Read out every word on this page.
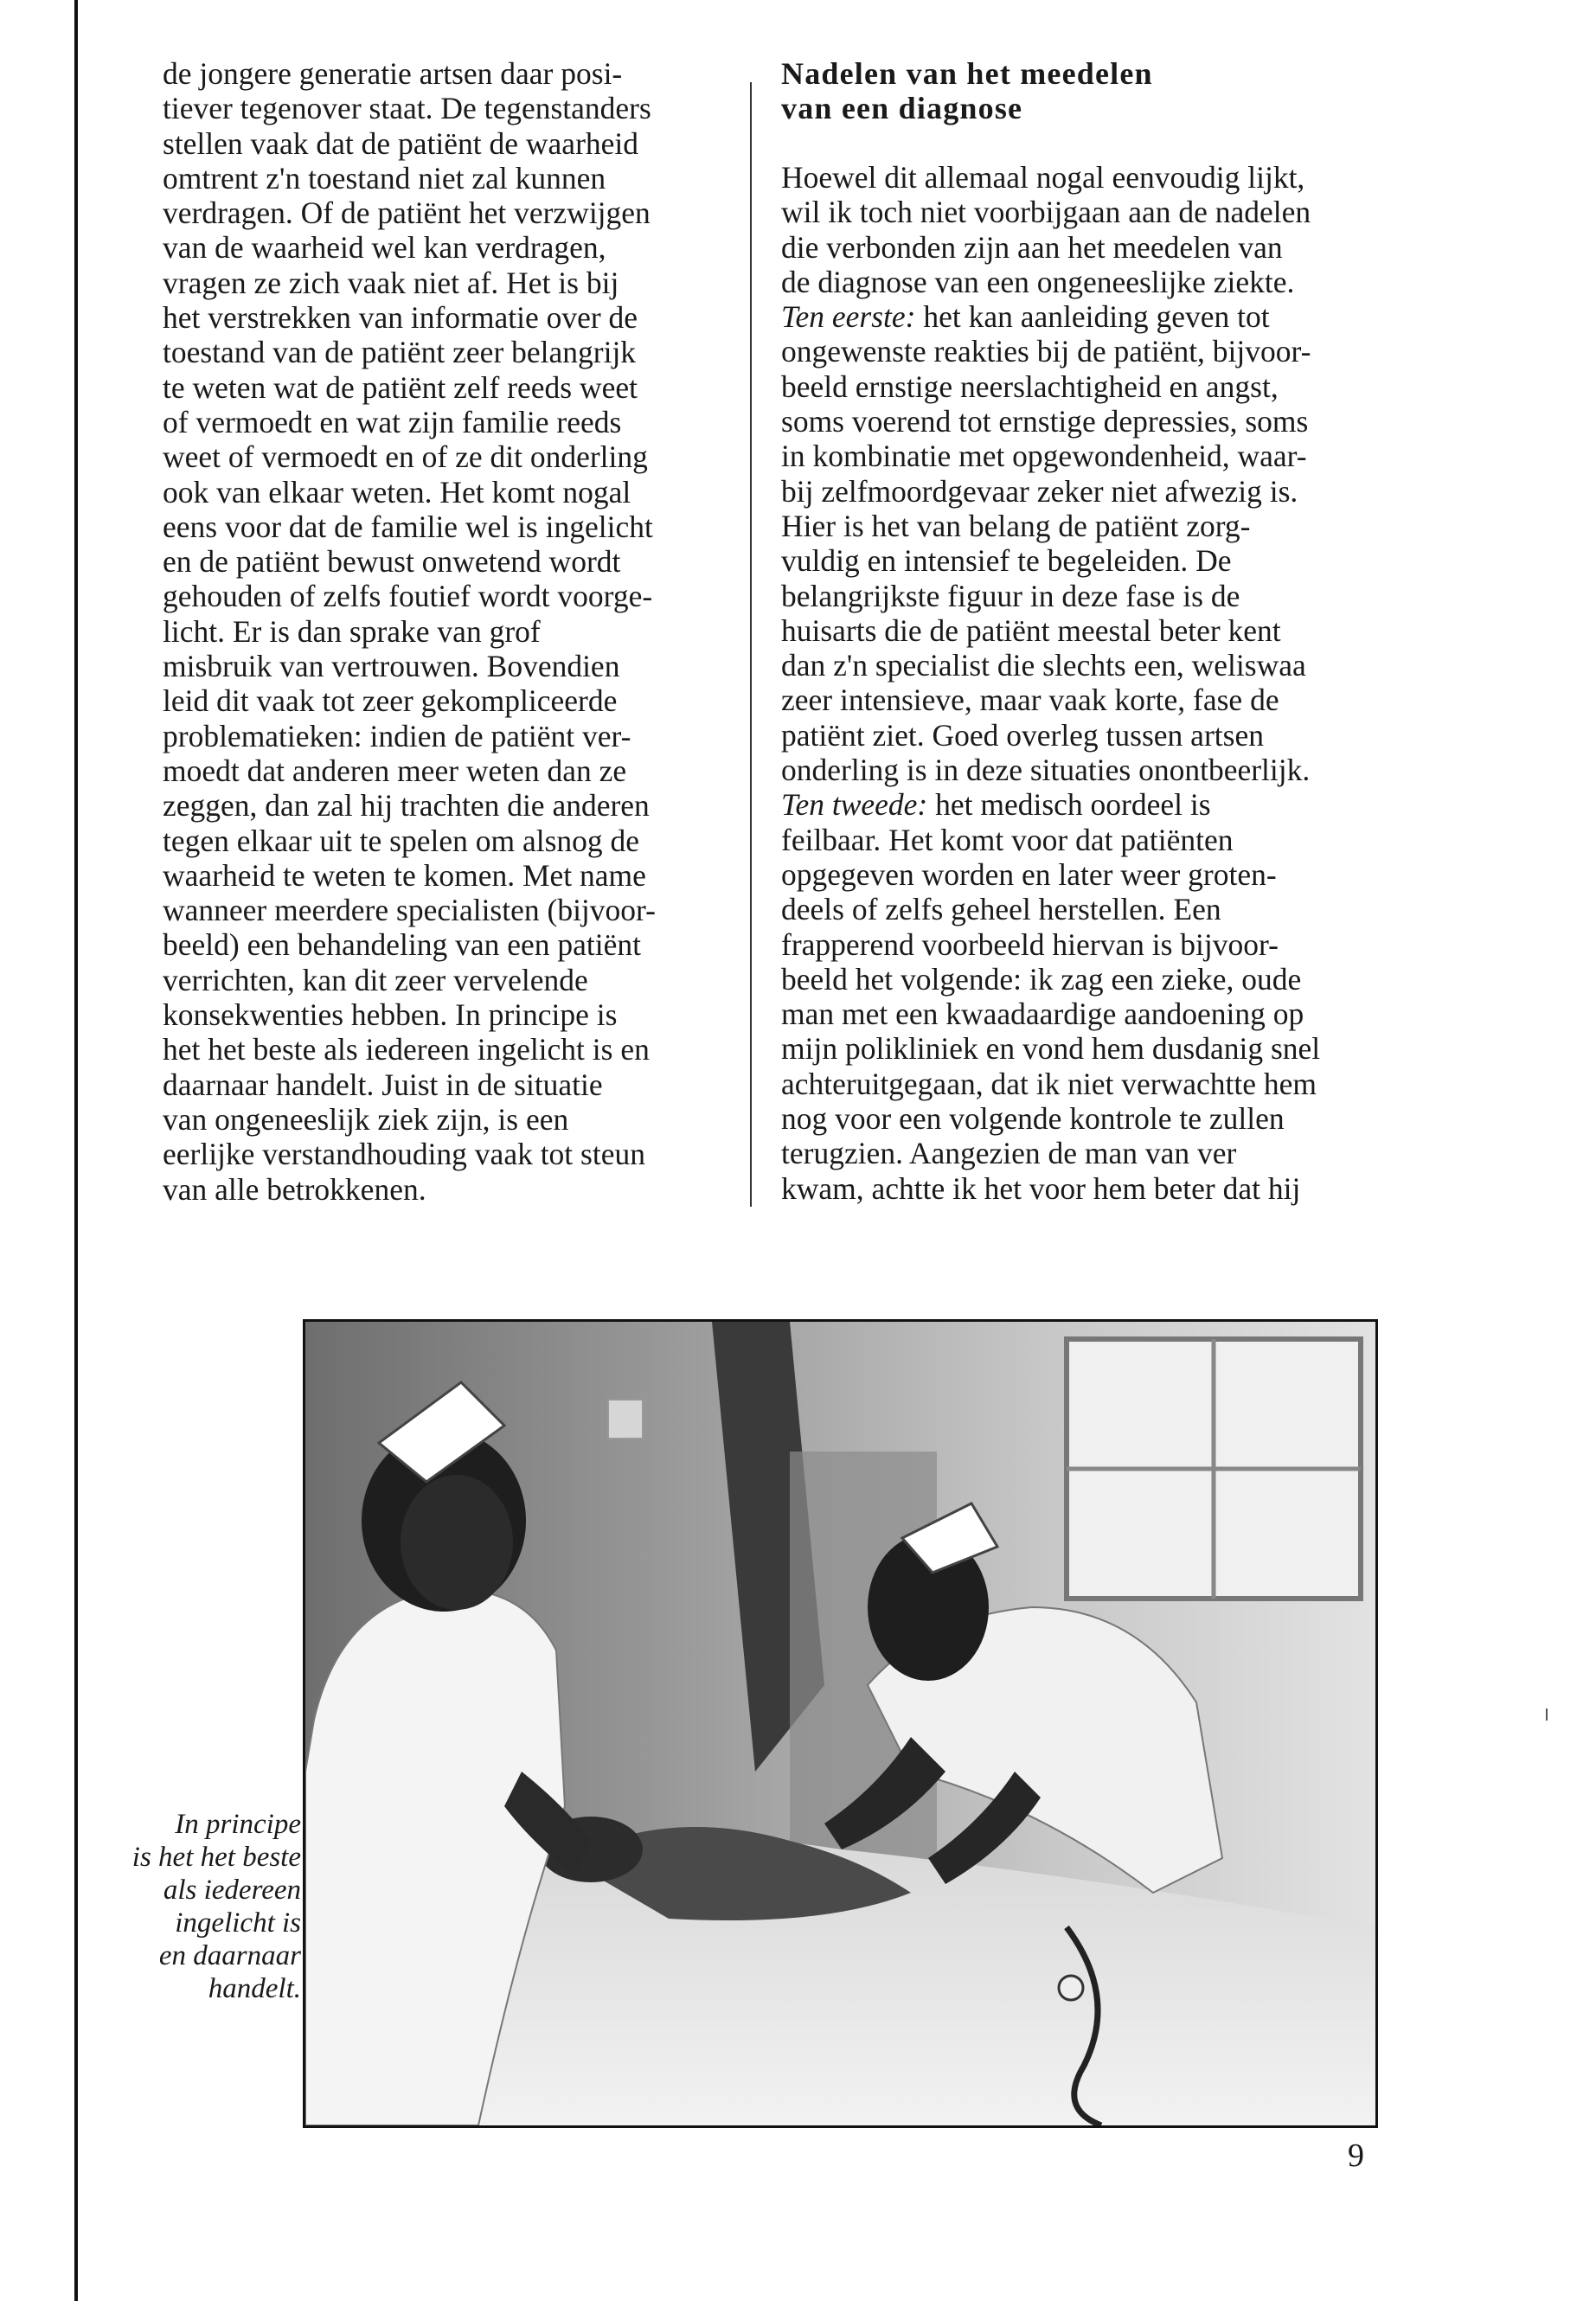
de jongere generatie artsen daar posi-
tiever tegenover staat. De tegenstanders
stellen vaak dat de patiënt de waarheid
omtrent z'n toestand niet zal kunnen
verdragen. Of de patiënt het verzwijgen
van de waarheid wel kan verdragen,
vragen ze zich vaak niet af. Het is bij
het verstrekken van informatie over de
toestand van de patiënt zeer belangrijk
te weten wat de patiënt zelf reeds weet
of vermoedt en wat zijn familie reeds
weet of vermoedt en of ze dit onderling
ook van elkaar weten. Het komt nogal
eens voor dat de familie wel is ingelicht
en de patiënt bewust onwetend wordt
gehouden of zelfs foutief wordt voorge-
licht. Er is dan sprake van grof
misbruik van vertrouwen. Bovendien
leid dit vaak tot zeer gekompliceerde
problematieken: indien de patiënt ver-
moedt dat anderen meer weten dan ze
zeggen, dan zal hij trachten die anderen
tegen elkaar uit te spelen om alsnog de
waarheid te weten te komen. Met name
wanneer meerdere specialisten (bijvoor-
beeld) een behandeling van een patiënt
verrichten, kan dit zeer vervelende
konsekwenties hebben. In principe is
het het beste als iedereen ingelicht is en
daarnaar handelt. Juist in de situatie
van ongeneeslijk ziek zijn, is een
eerlijke verstandhouding vaak tot steun
van alle betrokkenen.
Nadelen van het meedelen
van een diagnose
Hoewel dit allemaal nogal eenvoudig lijkt,
wil ik toch niet voorbijgaan aan de nadelen
die verbonden zijn aan het meedelen van
de diagnose van een ongeneeslijke ziekte.
Ten eerste: het kan aanleiding geven tot
ongewenste reakties bij de patiënt, bijvoor-
beeld ernstige neerslachtigheid en angst,
soms voerend tot ernstige depressies, soms
in kombinatie met opgewondenheid, waar-
bij zelfmoordgevaar zeker niet afwezig is.
Hier is het van belang de patiënt zorg-
vuldig en intensief te begeleiden. De
belangrijkste figuur in deze fase is de
huisarts die de patiënt meestal beter kent
dan z'n specialist die slechts een, weliswaa
zeer intensieve, maar vaak korte, fase de
patiënt ziet. Goed overleg tussen artsen
onderling is in deze situaties onontbeerlijk.
Ten tweede: het medisch oordeel is
feilbaar. Het komt voor dat patiënten
opgegeven worden en later weer groten-
deels of zelfs geheel herstellen. Een
frapperend voorbeeld hiervan is bijvoor-
beeld het volgende: ik zag een zieke, oude
man met een kwaadaardige aandoening op
mijn polikliniek en vond hem dusdanig snel
achteruitgegaan, dat ik niet verwachtte hem
nog voor een volgende kontrole te zullen
terugzien. Aangezien de man van ver
kwam, achtte ik het voor hem beter dat hij
In principe
is het het beste
als iedereen
ingelicht is
en daarnaar
handelt.
9
